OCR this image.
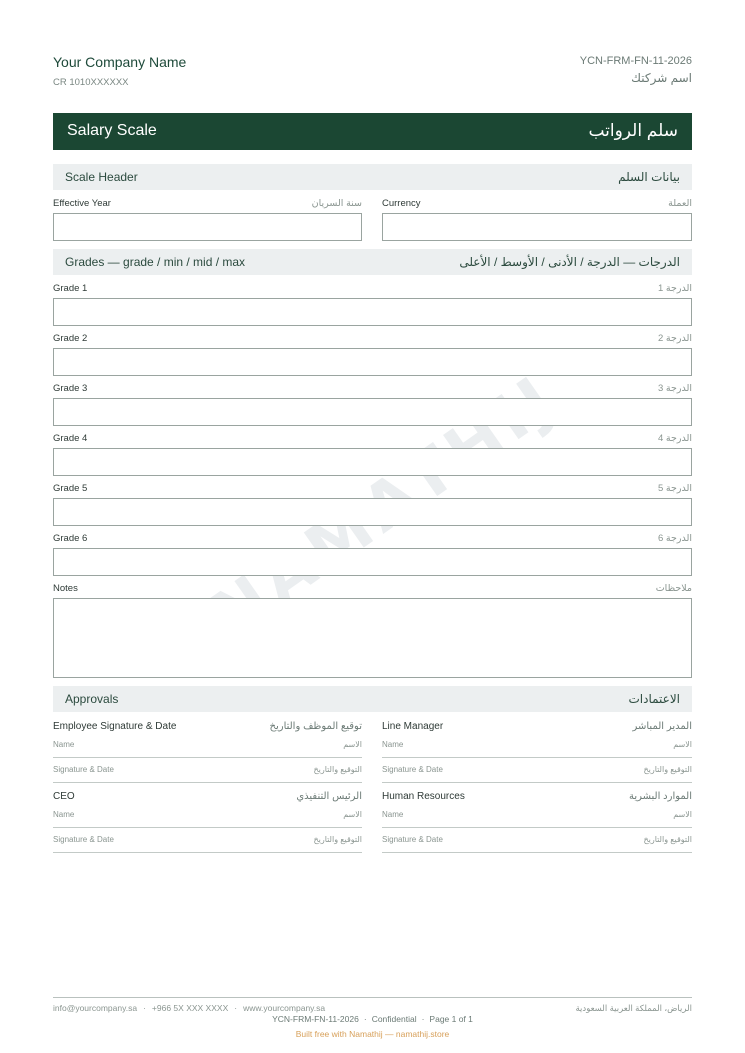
Your Company Name
CR 1010XXXXXX
YCN-FRM-FN-11-2026
اسم شركتك
Salary Scale	سلم الرواتب
Scale Header	بيانات السلم
Effective Year	سنة السريان Currency	العملة
Grades — grade / min / mid / max	الدرجات — الدرجة / الأدنى / الأوسط / الأعلى
Grade 1	الدرجة 1
Grade 2	الدرجة 2
Grade 3	الدرجة 3
Grade 4	الدرجة 4
Grade 5	الدرجة 5
Grade 6	الدرجة 6
Notes	ملاحظات
Approvals	الاعتمادات
Employee Signature & Date	توقيع الموظف والتاريخ
Name	الاسم
Signature & Date	التوقيع والتاريخ
Line Manager	المدير المباشر
Name	الاسم
Signature & Date	التوقيع والتاريخ
CEO	الرئيس التنفيذي
Name	الاسم
Signature & Date	التوقيع والتاريخ
Human Resources	الموارد البشرية
Name	الاسم
Signature & Date	التوقيع والتاريخ
info@yourcompany.sa · +966 5X XXX XXXX · www.yourcompany.sa	الرياض، المملكة العربية السعودية
YCN-FRM-FN-11-2026 · Confidential · Page 1 of 1
Built free with Namathij — namathij.store
